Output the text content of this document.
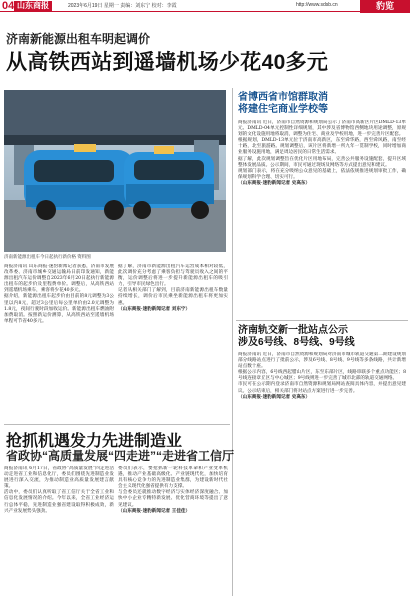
04 山东商报	2023年6月19日 星期一 责编：刘东宁 校对：李霞	http://www.sdsb.cn	豹览
济南新能源出租车明起调价
从高铁西站到遥墙机场少花40多元
济南新能源出租车今日起执行新价格 资料图

商报济南讯 山东商报·速豹新闻记者获悉，济南市发展改革委、济南市城乡交通运输局日前印发通知，新能源出租汽车运价调整自2023年6月20日起执行新能源出租车的起步价及里程费单价。调整后，从高铁西站到遥墙机场乘车，乘客将少花40多元。

据介绍，新能源出租车起步价由目前的8元调整为3公里以内8元，超过3公里后每公里单价由2.0元调整为1.8元，夜间行驶时段加收运价。新能源出租车燃油附加费取消。按照新运价测算，从高铁西站至遥墙机场单程可节省40多元。

据了解，济南市新能源出租汽车运营成本相对较低，此次调价充分考虑了乘客负担与驾驶员收入之间的平衡，运价调整后将进一步提升新能源出租车的吸引力，引导市民绿色出行。

记者从相关部门了解到，目前济南新能源出租车数量持续增长，调价后市民乘坐新能源出租车将更加实惠。

（山东商报·速豹新闻记者 刘东宁）

省博西省市馆群取消
将建住宅商业学校等

商报济南讯 近日，济南市自然资源和规划局公示了济南市高新区片区DMLD-13单元、DMLD-04单元控制性详细规划，其中涉及省博物馆西侧地块用途调整，原规划的文化设施用地将取消，调整为住宅、商业及学校用地，进一步完善片区配套。

根据规划，DMLD-13单元位于济南市高新区，东至舜华路，西至舜风路，南至经十路，北至旅游路。规划调整后，该片区将新增一所九年一贯制学校，同时增加商业服务设施用地，满足周边居民的日常生活需求。

据了解，此次规划调整旨在优化片区用地布局，完善公共服务设施配套，提升区域整体发展品质。公示期间，市民可通过现场及网络等方式提出意见和建议。

规划部门表示，将在充分吸纳公众意见的基础上，依法依规推进规划审批工作，确保规划科学合理、切实可行。

（山东商报·速豹新闻记者 史高东）

济南轨交新一批站点公示
涉及6号线、8号线、9号线

商报济南讯 近日，济南市自然资源和规划局对济南市城市轨道交通第二期建设规划部分线路站点进行了批前公示，涉及6号线、8号线、9号线等多条线路，共计新增站点数十座。

根据公示内容，6号线西起腊山片区，东至东部片区，线路串联多个重点功能区；8号线连接章丘区与中心城区；9号线则进一步完善了城市北部的轨道交通网络。

市民可在公示期内登录济南市自然资源和规划局网站查阅具体内容，并提出意见建议。公示结束后，相关部门将对站点方案进行进一步完善。

（山东商报·速豹新闻记者 史高东）

抢抓机遇发力先进制造业
省政协“高质量发展“四走进”“走进省工信厅

商报济南讯 6月17日，省政协“高质量发展”四走进活动走进省工业和信息化厅，委员们围绕先进制造业发展进行深入交流，为推动制造业高质量发展建言献策。

活动中，委员们认真听取了省工信厅关于全省工业和信息化发展情况的介绍。今年以来，全省工业经济运行总体平稳，先进制造业强省建设取得积极成效，新兴产业发展势头强劲。

委员们表示，要抢抓新一轮科技革命和产业变革机遇，推动产业基础高级化、产业链现代化，加快培育具有核心竞争力的先进制造业集群，为建设新时代社会主义现代化强省提供有力支撑。

与会委员还就推动数字经济与实体经济深度融合、加快中小企业专精特新发展、优化营商环境等提出了意见建议。

（山东商报·速豹新闻记者 王佳佳）
